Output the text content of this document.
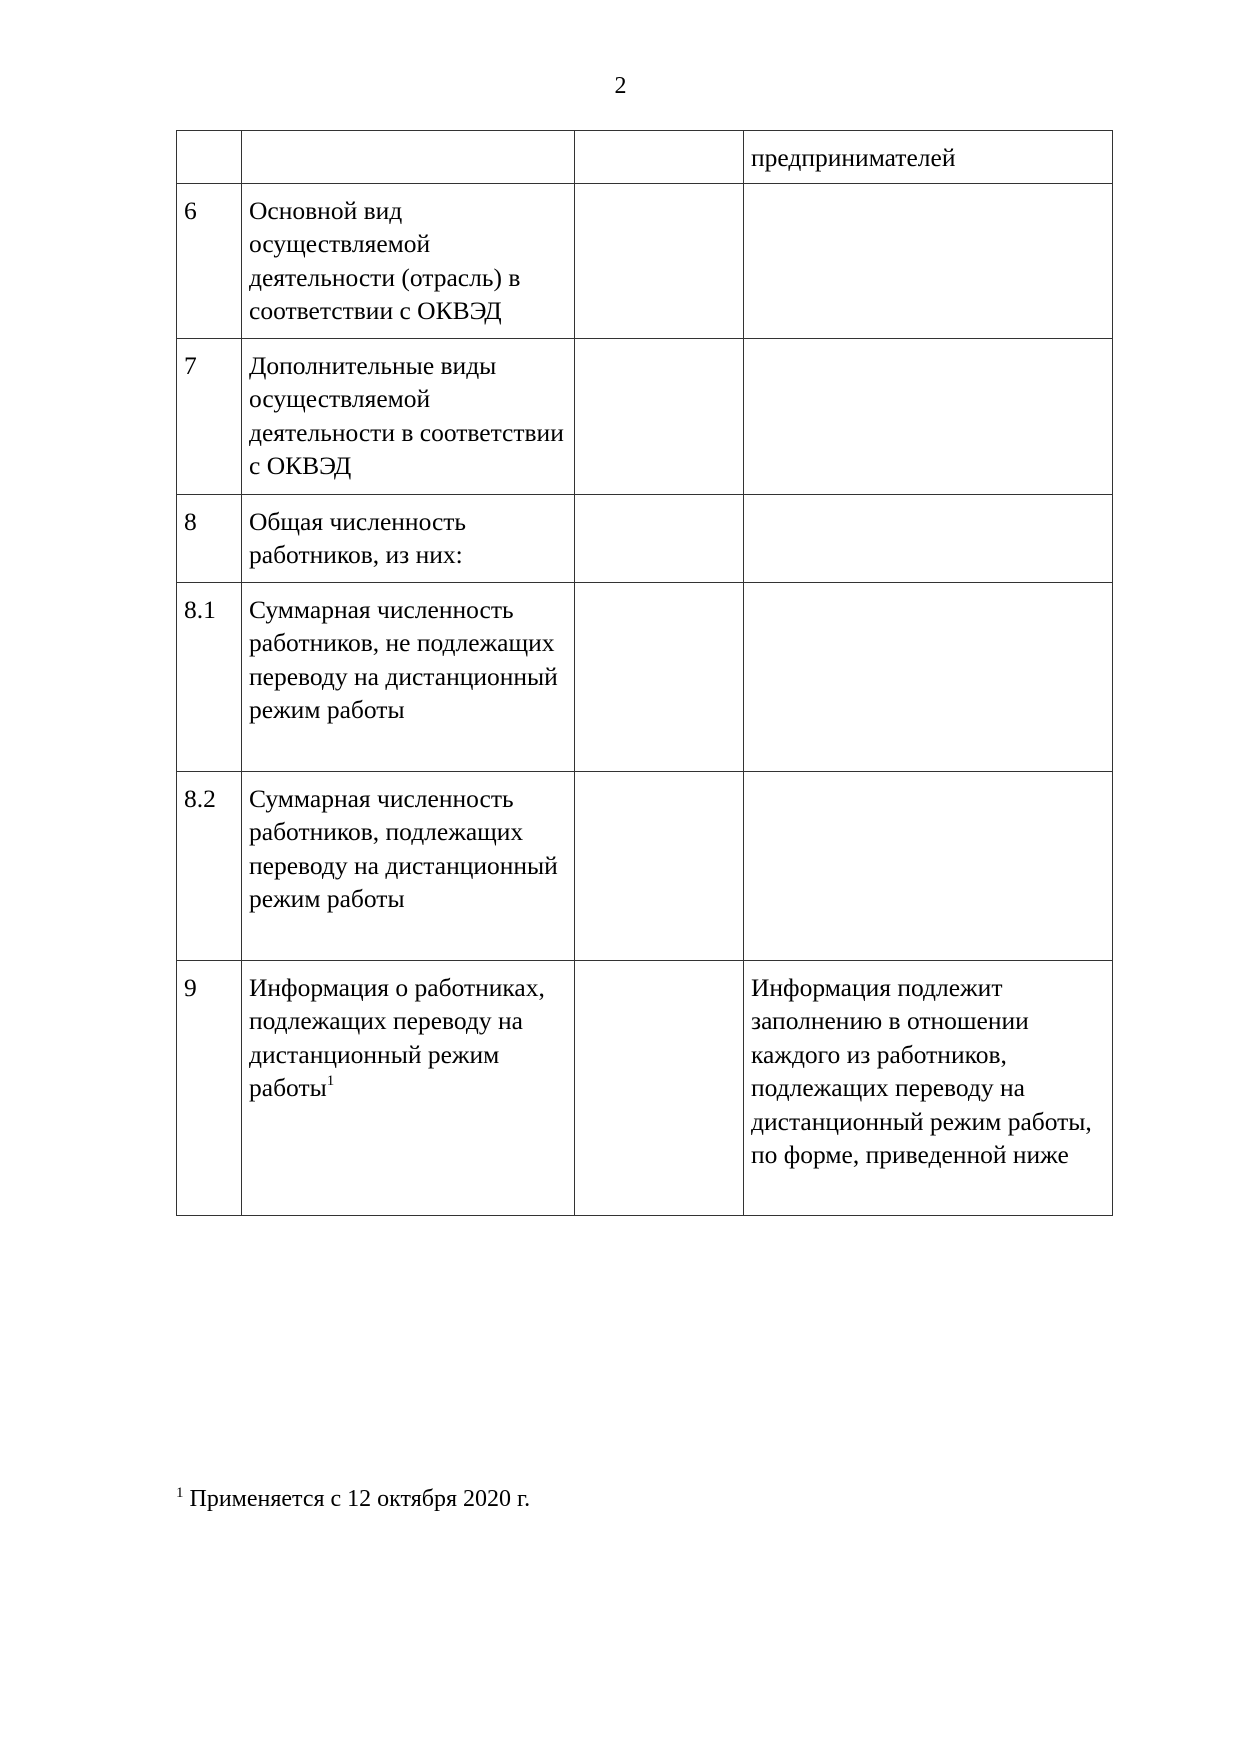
2
			предпринимателей
6	Основной вид осуществляемой деятельности (отрасль) в соответствии с ОКВЭД		
7	Дополнительные виды осуществляемой деятельности в соответствии с ОКВЭД		
8	Общая численность работников, из них:		
8.1	Суммарная численность работников, не подлежащих переводу на дистанционный режим работы		
8.2	Суммарная численность работников, подлежащих переводу на дистанционный режим работы		
9	Информация о работниках, подлежащих переводу на дистанционный режим работы$^1$		Информация подлежит заполнению в отношении каждого из работников, подлежащих переводу на дистанционный режим работы, по форме, приведенной ниже
$^1$ Применяется с 12 октября 2020 г.
